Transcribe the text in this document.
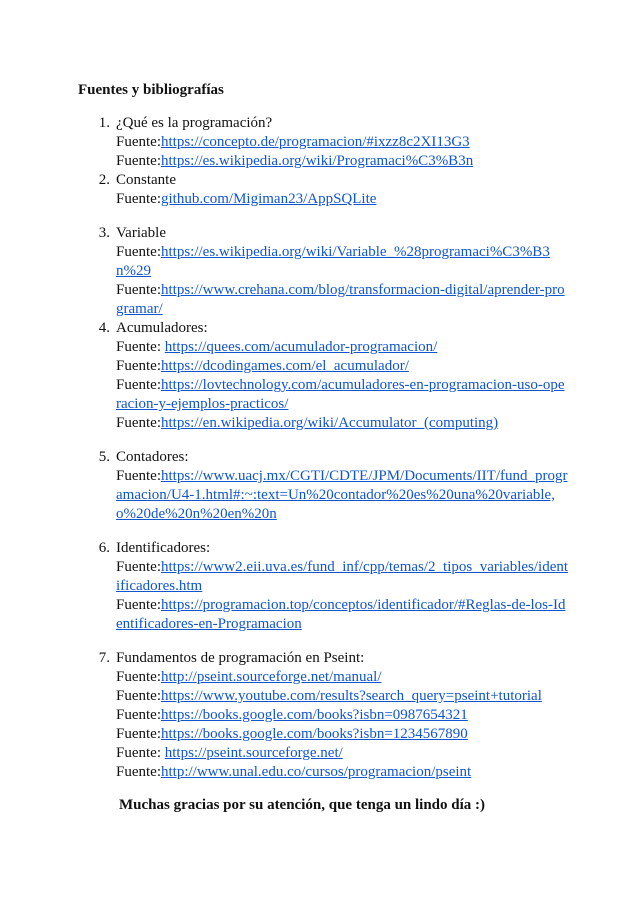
Fuentes y bibliografías
1. ¿Qué es la programación?
Fuente:https://concepto.de/programacion/#ixzz8c2XI13G3
Fuente:https://es.wikipedia.org/wiki/Programaci%C3%B3n
2. Constante
Fuente:github.com/Migiman23/AppSQLite
3. Variable
Fuente:https://es.wikipedia.org/wiki/Variable_%28programaci%C3%B3n%29
Fuente:https://www.crehana.com/blog/transformacion-digital/aprender-programar/
4. Acumuladores:
Fuente: https://quees.com/acumulador-programacion/
Fuente:https://dcodingames.com/el_acumulador/
Fuente:https://lovtechnology.com/acumuladores-en-programacion-uso-operacion-y-ejemplos-practicos/
Fuente:https://en.wikipedia.org/wiki/Accumulator_(computing)
5. Contadores:
Fuente:https://www.uacj.mx/CGTI/CDTE/JPM/Documents/IIT/fund_programacion/U4-1.html#:~:text=Un%20contador%20es%20una%20variable,o%20de%20n%20en%20n
6. Identificadores:
Fuente:https://www2.eii.uva.es/fund_inf/cpp/temas/2_tipos_variables/identificadores.htm
Fuente:https://programacion.top/conceptos/identificador/#Reglas-de-los-Identificadores-en-Programacion
7. Fundamentos de programación en Pseint:
Fuente:http://pseint.sourceforge.net/manual/
Fuente:https://www.youtube.com/results?search_query=pseint+tutorial
Fuente:https://books.google.com/books?isbn=0987654321
Fuente:https://books.google.com/books?isbn=1234567890
Fuente: https://pseint.sourceforge.net/
Fuente:http://www.unal.edu.co/cursos/programacion/pseint
Muchas gracias por su atención, que tenga un lindo día :)
